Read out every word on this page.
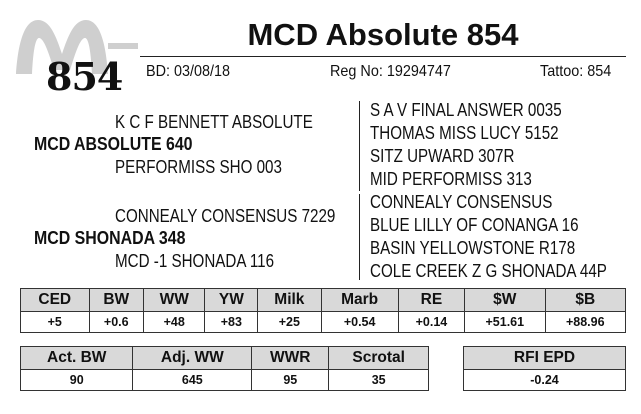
854
MCD Absolute 854
BD: 03/08/18	Reg No: 19294747	Tattoo: 854
K C F BENNETT ABSOLUTE
MCD ABSOLUTE 640
PERFORMISS SHO 003
CONNEALY CONSENSUS 7229
MCD SHONADA 348
MCD -1 SHONADA 116
S A V FINAL ANSWER 0035
THOMAS MISS LUCY 5152
SITZ UPWARD 307R
MID PERFORMISS 313
CONNEALY CONSENSUS
BLUE LILLY OF CONANGA 16
BASIN YELLOWSTONE R178
COLE CREEK Z G SHONADA 44P
CED	BW	WW	YW	Milk	Marb	RE	$W	$B
+5	+0.6	+48	+83	+25	+0.54	+0.14	+51.61	+88.96
Act. BW	Adj. WW	WWR	Scrotal
90	645	95	35
RFI EPD
-0.24
